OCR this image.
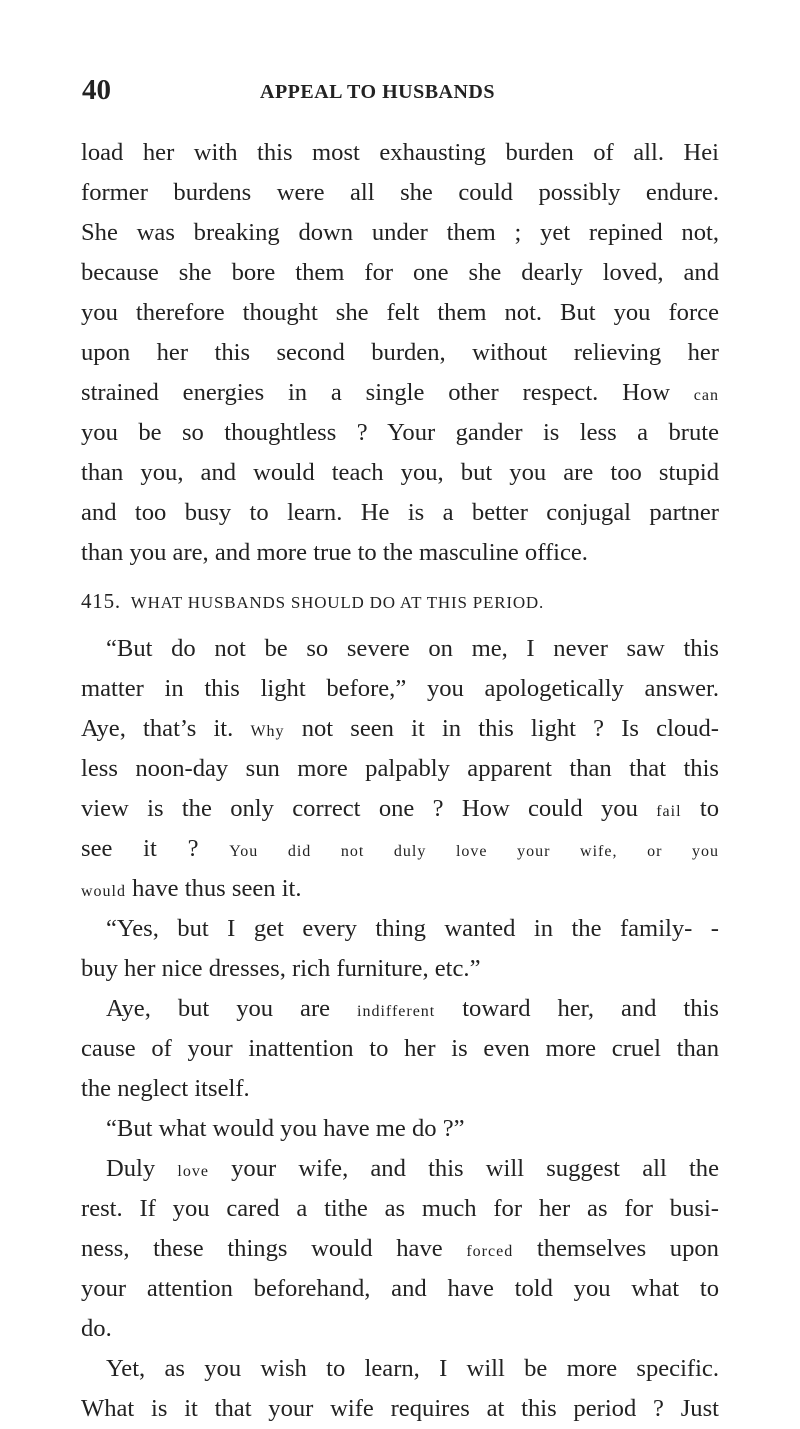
40	APPEAL TO HUSBANDS
load her with this most exhausting burden of all. Hei
former burdens were all she could possibly endure.
She was breaking down under them ; yet repined not,
because she bore them for one she dearly loved, and
you therefore thought she felt them not. But you force
upon her this second burden, without relieving her
strained energies in a single other respect. How can
you be so thoughtless ? Your gander is less a brute
than you, and would teach you, but you are too stupid
and too busy to learn. He is a better conjugal partner
than you are, and more true to the masculine office.
415. WHAT HUSBANDS SHOULD DO AT THIS PERIOD.
“But do not be so severe on me, I never saw this
matter in this light before,” you apologetically answer.
Aye, that’s it. Why not seen it in this light ? Is cloud-
less noon-day sun more palpably apparent than that this
view is the only correct one ? How could you fail to
see it ? You did not duly love your wife, or you
would have thus seen it.
“Yes, but I get every thing wanted in the family- -
buy her nice dresses, rich furniture, etc.”
Aye, but you are indifferent toward her, and this
cause of your inattention to her is even more cruel than
the neglect itself.
“But what would you have me do ?”
Duly love your wife, and this will suggest all the
rest. If you cared a tithe as much for her as for busi-
ness, these things would have forced themselves upon
your attention beforehand, and have told you what to
do.
Yet, as you wish to learn, I will be more specific.
What is it that your wife requires at this period ? Just
